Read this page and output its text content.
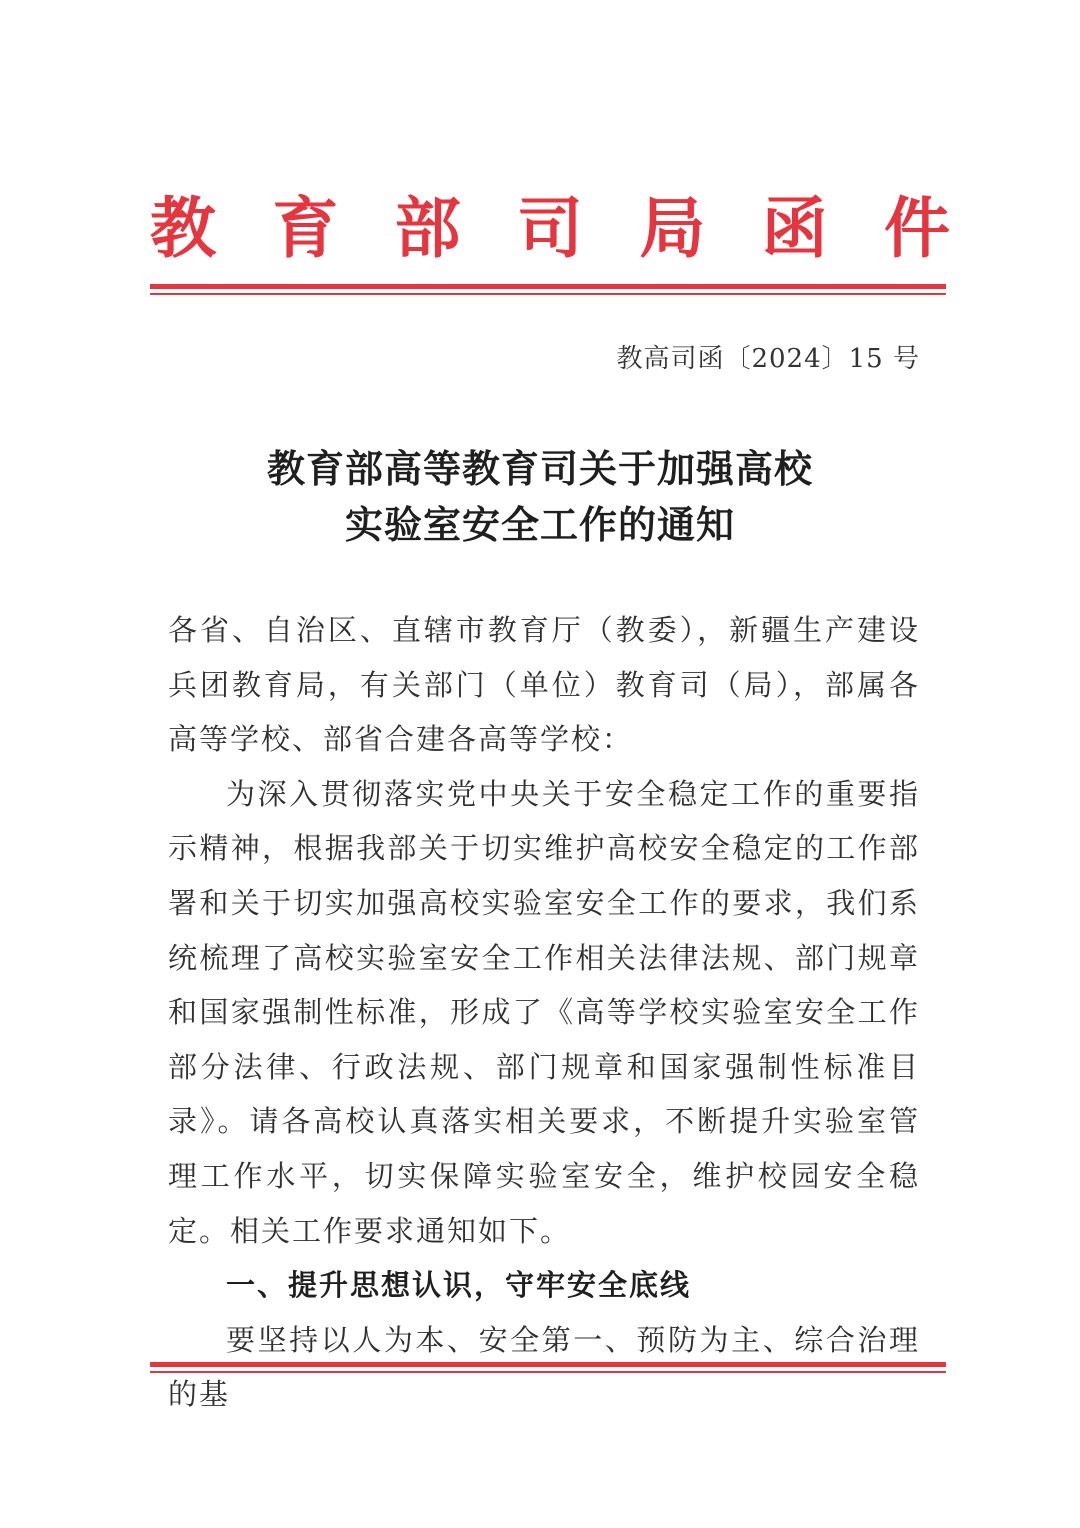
教 育 部 司 局 函 件
教高司函〔2024〕15 号
教育部高等教育司关于加强高校
实验室安全工作的通知

各省、自治区、直辖市教育厅（教委），新疆生产建设兵团教育局，有关部门（单位）教育司（局），部属各高等学校、部省合建各高等学校：

为深入贯彻落实党中央关于安全稳定工作的重要指示精神，根据我部关于切实维护高校安全稳定的工作部署和关于切实加强高校实验室安全工作的要求，我们系统梳理了高校实验室安全工作相关法律法规、部门规章和国家强制性标准，形成了《高等学校实验室安全工作部分法律、行政法规、部门规章和国家强制性标准目录》。请各高校认真落实相关要求，不断提升实验室管理工作水平，切实保障实验室安全，维护校园安全稳定。相关工作要求通知如下。

一、提升思想认识，守牢安全底线

要坚持以人为本、安全第一、预防为主、综合治理的基
